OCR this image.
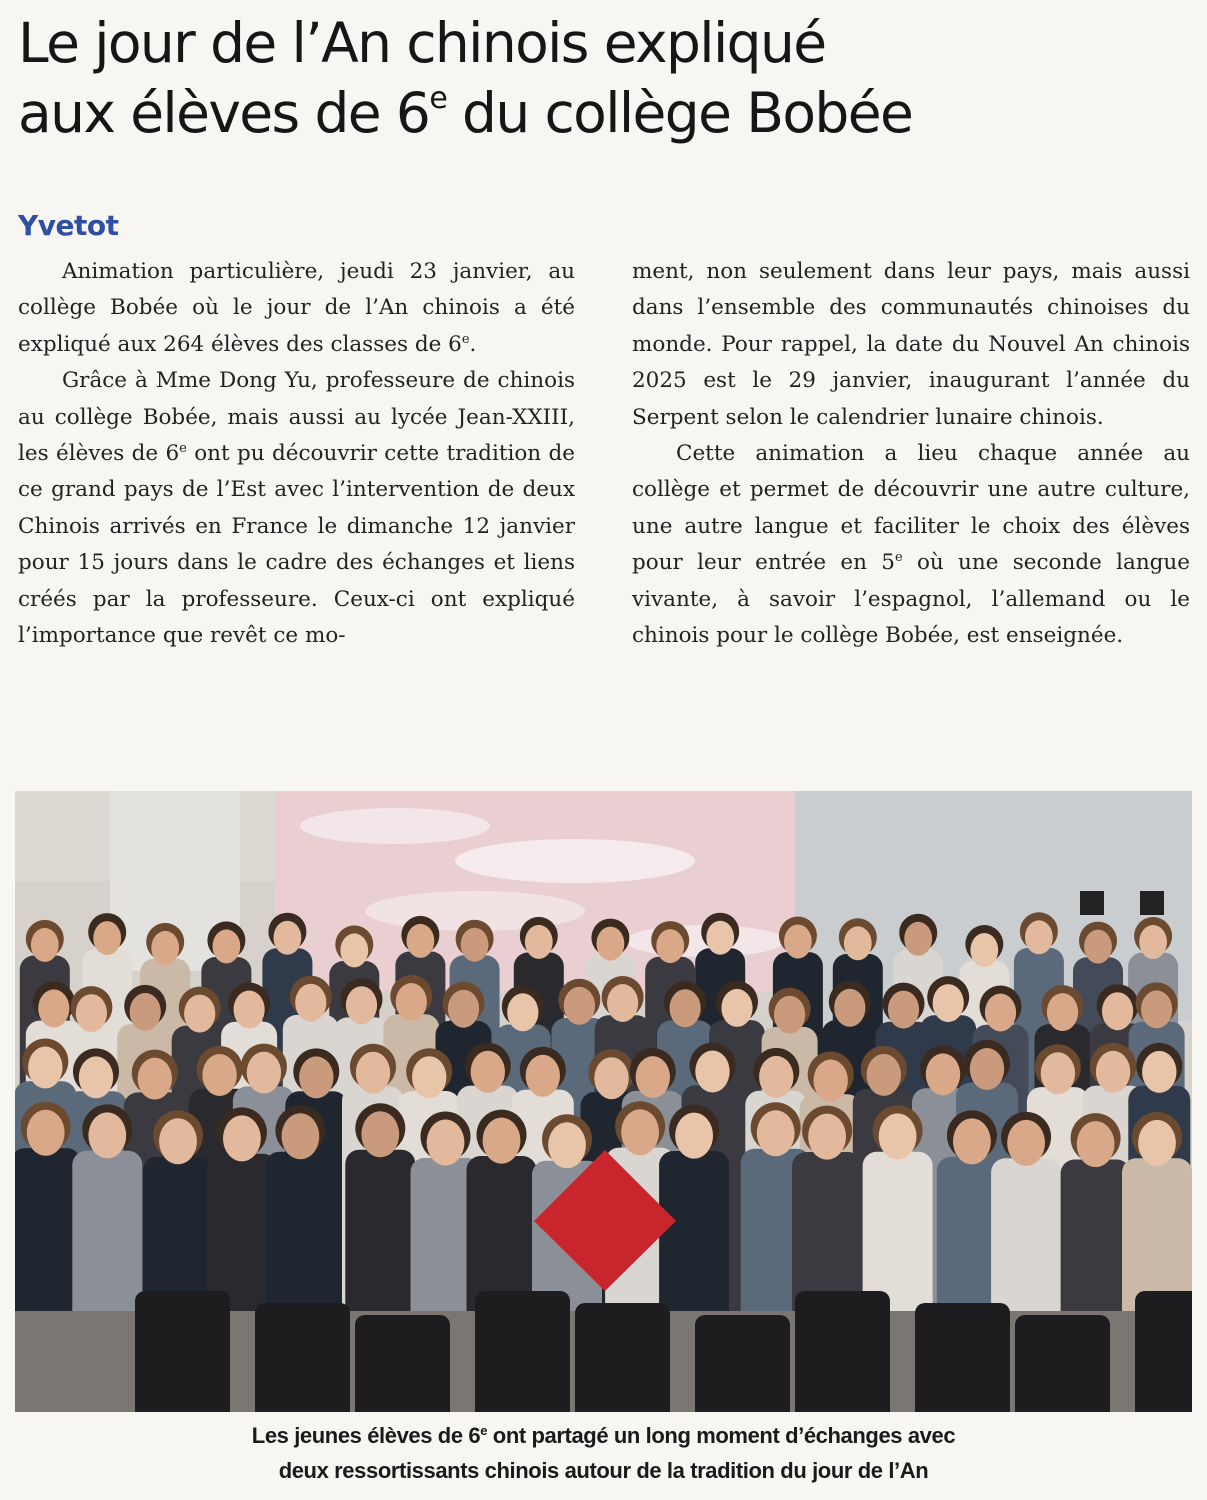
Le jour de l’An chinois expliqué
aux élèves de 6e du collège Bobée
Yvetot

Animation particulière, jeudi 23 janvier, au collège Bobée où le jour de l’An chinois a été expliqué aux 264 élèves des classes de 6e.

Grâce à Mme Dong Yu, professeure de chinois au collège Bobée, mais aussi au lycée Jean-XXIII, les élèves de 6e ont pu découvrir cette tradition de ce grand pays de l’Est avec l’intervention de deux Chinois arrivés en France le dimanche 12 janvier pour 15 jours dans le cadre des échanges et liens créés par la professeure. Ceux-ci ont expliqué l’importance que revêt ce mo-

ment, non seulement dans leur pays, mais aussi dans l’ensemble des communautés chinoises du monde. Pour rappel, la date du Nouvel An chinois 2025 est le 29 janvier, inaugurant l’année du Serpent selon le calendrier lunaire chinois.

Cette animation a lieu chaque année au collège et permet de découvrir une autre culture, une autre langue et faciliter le choix des élèves pour leur entrée en 5e où une seconde langue vivante, à savoir l’espagnol, l’allemand ou le chinois pour le collège Bobée, est enseignée.

Les jeunes élèves de 6e ont partagé un long moment d’échanges avec
deux ressortissants chinois autour de la tradition du jour de l’An
